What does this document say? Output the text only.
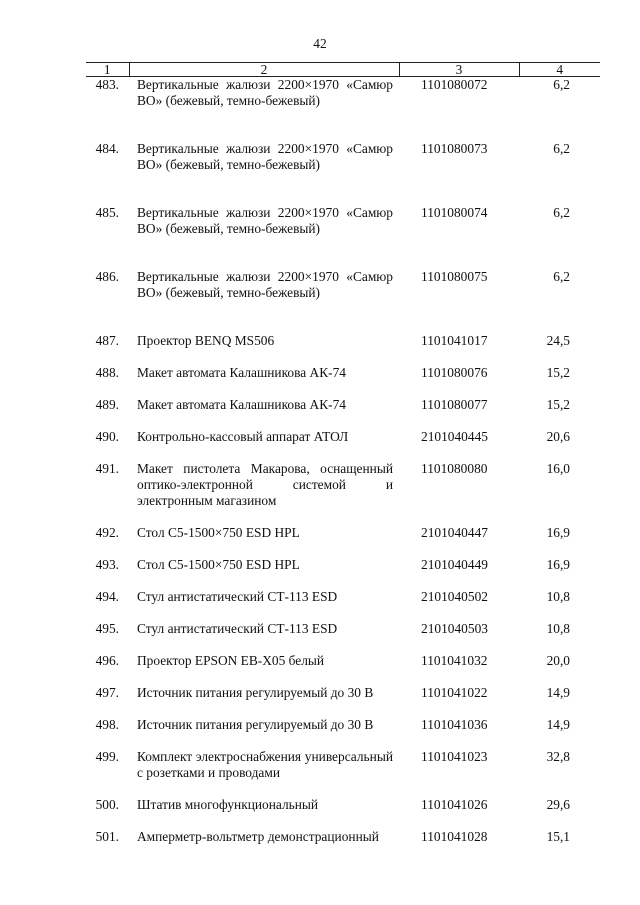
42
1	2	3	4
483.	Вертикальные жалюзи 2200×1970 «Самюр ВО» (бежевый, темно-бежевый)	1101080072	6,2
484.	Вертикальные жалюзи 2200×1970 «Самюр ВО» (бежевый, темно-бежевый)	1101080073	6,2
485.	Вертикальные жалюзи 2200×1970 «Самюр ВО» (бежевый, темно-бежевый)	1101080074	6,2
486.	Вертикальные жалюзи 2200×1970 «Самюр ВО» (бежевый, темно-бежевый)	1101080075	6,2
487.	Проектор BENQ MS506	1101041017	24,5
488.	Макет автомата Калашникова АК-74	1101080076	15,2
489.	Макет автомата Калашникова АК-74	1101080077	15,2
490.	Контрольно-кассовый аппарат АТОЛ	2101040445	20,6
491.	Макет пистолета Макарова, оснащенный оптико-электронной системой и электронным магазином	1101080080	16,0
492.	Стол С5-1500×750 ESD HPL	2101040447	16,9
493.	Стол С5-1500×750 ESD HPL	2101040449	16,9
494.	Стул антистатический СТ-113 ESD	2101040502	10,8
495.	Стул антистатический СТ-113 ESD	2101040503	10,8
496.	Проектор EPSON EB-X05 белый	1101041032	20,0
497.	Источник питания регулируемый до 30 В	1101041022	14,9
498.	Источник питания регулируемый до 30 В	1101041036	14,9
499.	Комплект электроснабжения универсальный с розетками и проводами	1101041023	32,8
500.	Штатив многофункциональный	1101041026	29,6
501.	Амперметр-вольтметр демонстрационный	1101041028	15,1
